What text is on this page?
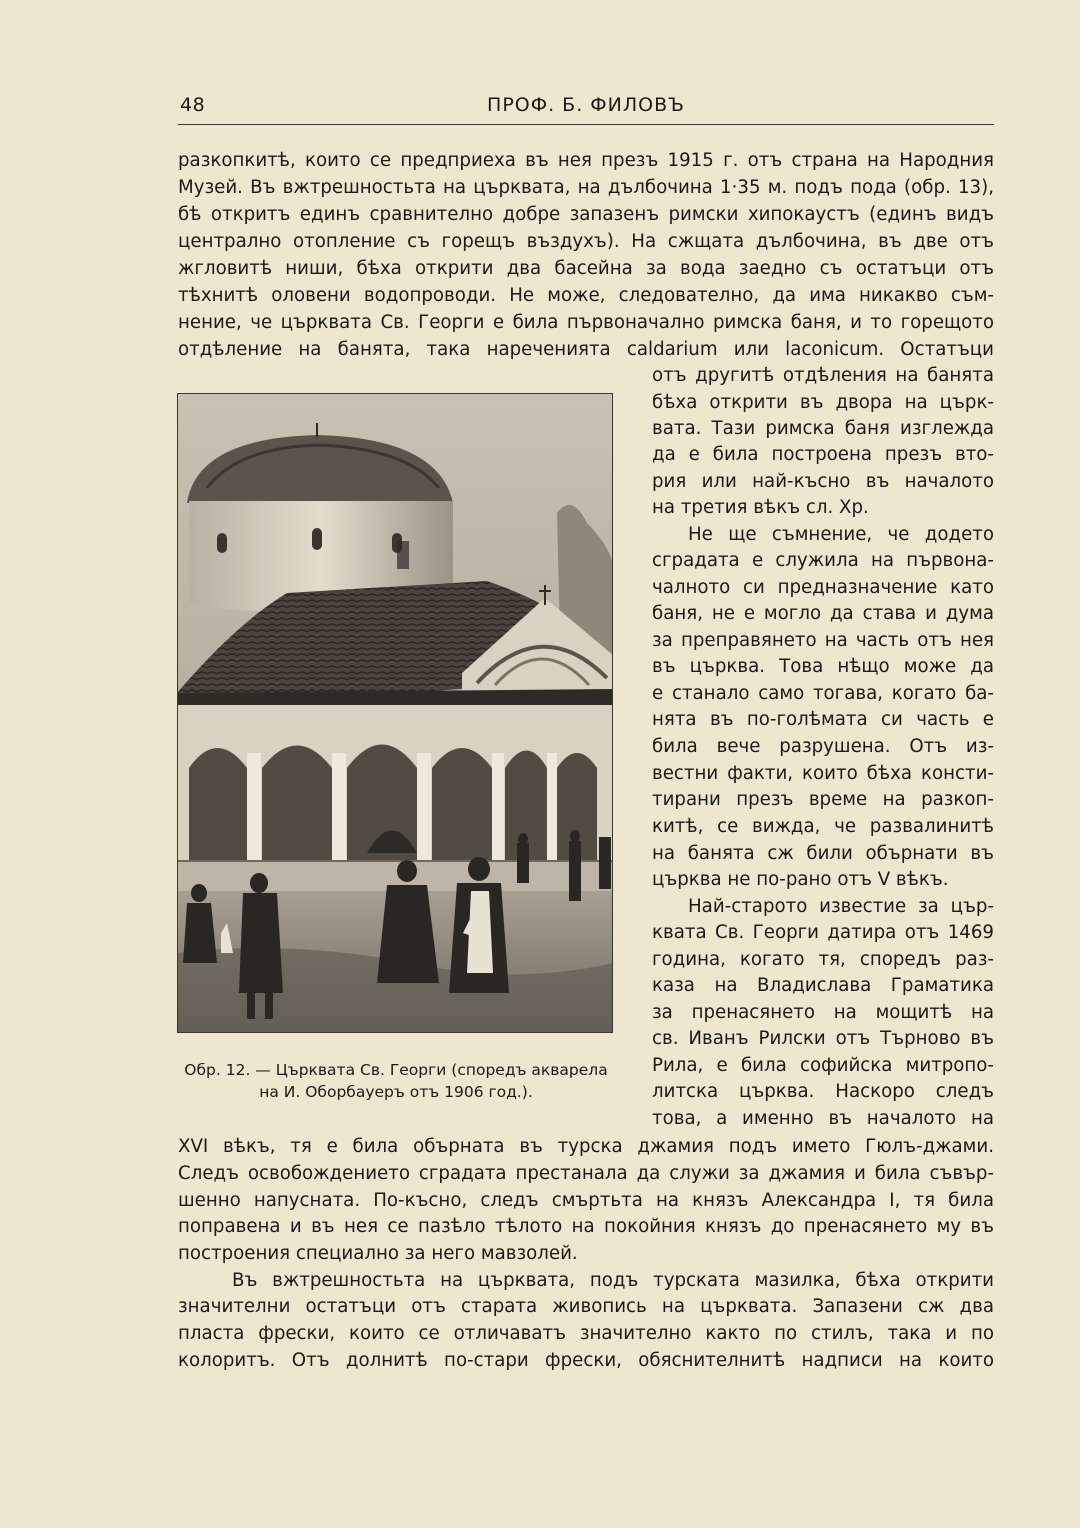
48	ПРОФ. Б. ФИЛОВЪ
разкопкитѣ, които се предприеха въ нея презъ 1915 г. отъ страна на Народния
Музей. Въ вжтрешностьта на църквата, на дълбочина 1·35 м. подъ пода (обр. 13),
бѣ откритъ единъ сравнително добре запазенъ римски хипокаустъ (единъ видъ
централно отопление съ горещъ въздухъ). На сжщата дълбочина, въ две отъ
жгловитѣ ниши, бѣха открити два басейна за вода заедно съ остатъци отъ
тѣхнитѣ оловени водопроводи. Не може, следователно, да има никакво съм-
нение, че църквата Св. Георги е била първоначално римска баня, и то горещото
отдѣление на банята, така нареченията caldarium или laconicum. Остатъци
отъ другитѣ отдѣления на банята
бѣха открити въ двора на църк-
вата. Тази римска баня изглежда
да е била построена презъ вто-
рия или най-късно въ началото
на третия вѣкъ сл. Хр.
Не ще съмнение, че додето
сградата е служила на първона-
чалното си предназначение като
баня, не е могло да става и дума
за преправянето на часть отъ нея
въ църква. Това нѣщо може да
е станало само тогава, когато ба-
нята въ по-голѣмата си часть е
била вече разрушена. Отъ из-
вестни факти, които бѣха консти-
тирани презъ време на разкоп-
китѣ, се вижда, че развалинитѣ
на банята сж били обърнати въ
църква не по-рано отъ V вѣкъ.
Най-старото известие за цър-
квата Св. Георги датира отъ 1469
година, когато тя, споредъ раз-
каза на Владислава Граматика
за пренасянето на мощитѣ на
св. Иванъ Рилски отъ Търново въ
Рила, е била софийска митропо-
литска църква. Наскоро следъ
това, а именно въ началото на
XVI вѣкъ, тя е била обърната въ турска джамия подъ името Гюлъ-джами.
Следъ освобождението сградата престанала да служи за джамия и била съвър-
шенно напусната. По-късно, следъ смъртьта на князъ Александра I, тя била
поправена и въ нея се пазѣло тѣлото на покойния князъ до пренасянето му въ
построения специално за него мавзолей.
Въ вжтрешностьта на църквата, подъ турската мазилка, бѣха открити
значителни остатъци отъ старата живопись на църквата. Запазени сж два
пласта фрески, които се отличаватъ значително както по стилъ, така и по
колоритъ. Отъ долнитѣ по-стари фрески, обяснителнитѣ надписи на които
Обр. 12. — Църквата Св. Георги (споредъ акварела
на И. Оборбауеръ отъ 1906 год.).
